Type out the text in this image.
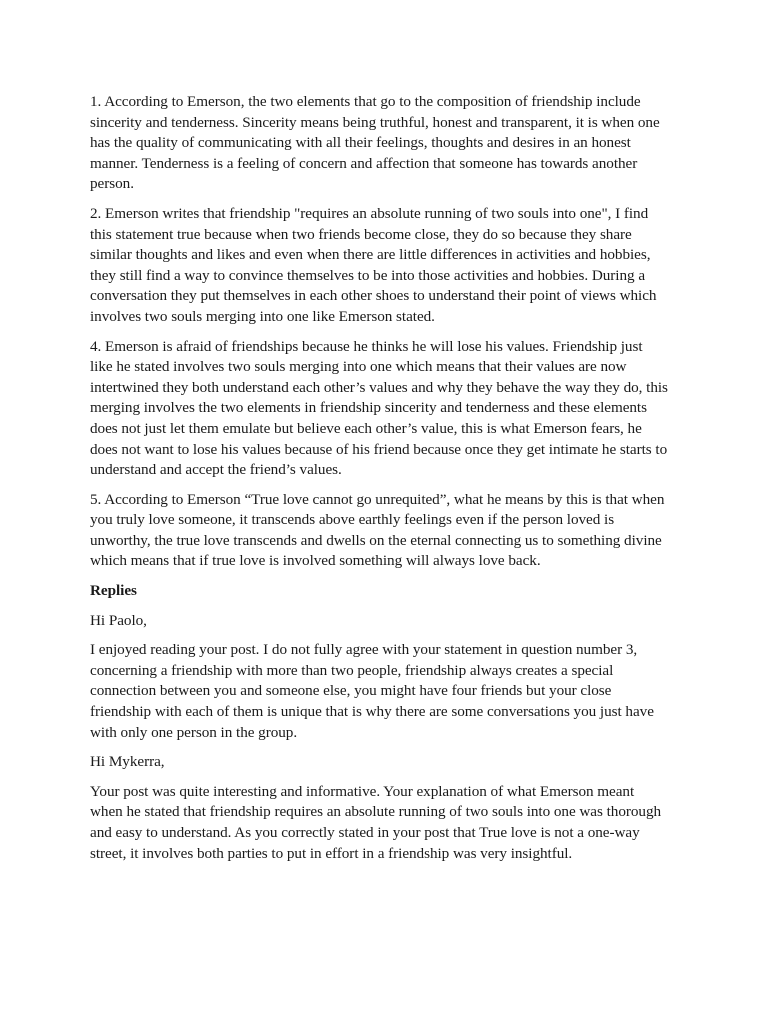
1. According to Emerson, the two elements that go to the composition of friendship include sincerity and tenderness. Sincerity means being truthful, honest and transparent, it is when one has the quality of communicating with all their feelings, thoughts and desires in an honest manner. Tenderness is a feeling of concern and affection that someone has towards another person.

2. Emerson writes that friendship "requires an absolute running of two souls into one", I find this statement true because when two friends become close, they do so because they share similar thoughts and likes and even when there are little differences in activities and hobbies, they still find a way to convince themselves to be into those activities and hobbies. During a conversation they put themselves in each other shoes to understand their point of views which involves two souls merging into one like Emerson stated.

4. Emerson is afraid of friendships because he thinks he will lose his values. Friendship just like he stated involves two souls merging into one which means that their values are now intertwined they both understand each other’s values and why they behave the way they do, this merging involves the two elements in friendship sincerity and tenderness and these elements does not just let them emulate but believe each other’s value, this is what Emerson fears, he does not want to lose his values because of his friend because once they get intimate he starts to understand and accept the friend’s values.

5. According to Emerson “True love cannot go unrequited”, what he means by this is that when you truly love someone, it transcends above earthly feelings even if the person loved is unworthy, the true love transcends and dwells on the eternal connecting us to something divine which means that if true love is involved something will always love back.

Replies

Hi Paolo,

I enjoyed reading your post. I do not fully agree with your statement in question number 3, concerning a friendship with more than two people, friendship always creates a special connection between you and someone else, you might have four friends but your close friendship with each of them is unique that is why there are some conversations you just have with only one person in the group.

Hi Mykerra,

Your post was quite interesting and informative. Your explanation of what Emerson meant when he stated that friendship requires an absolute running of two souls into one was thorough and easy to understand. As you correctly stated in your post that True love is not a one-way street, it involves both parties to put in effort in a friendship was very insightful.
